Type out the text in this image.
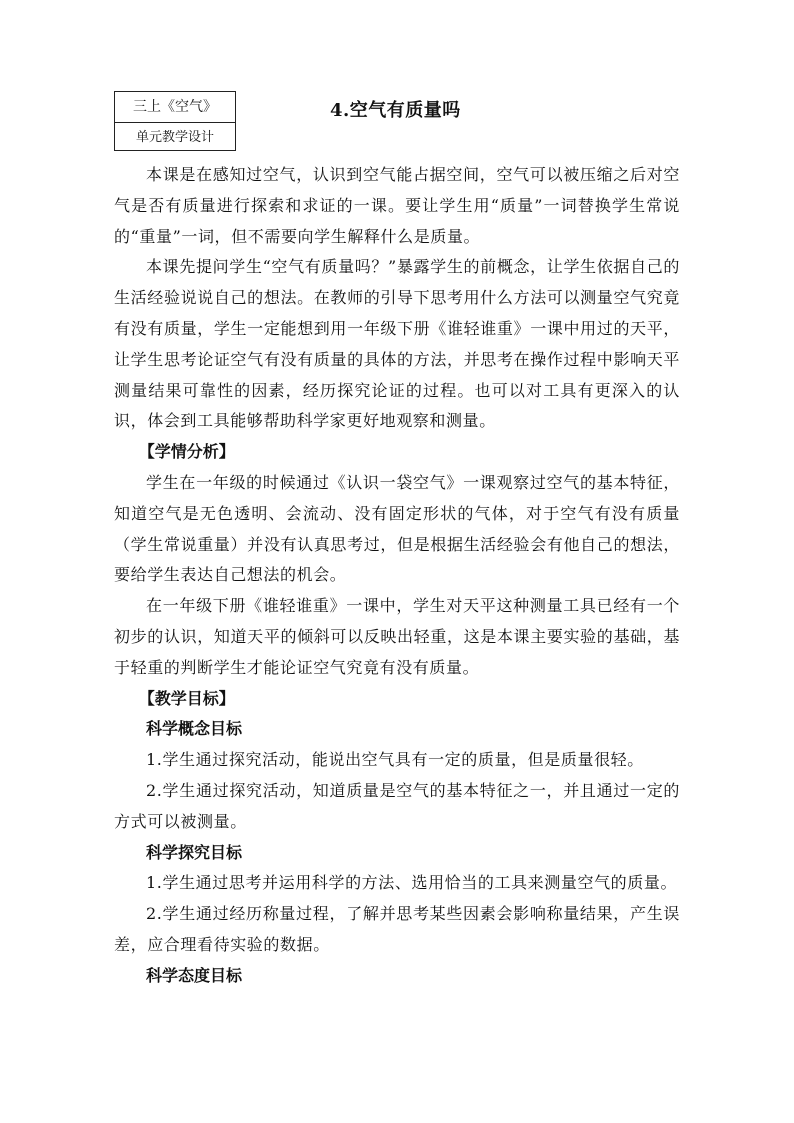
三上《空气》
单元教学设计
4.空气有质量吗

本课是在感知过空气，认识到空气能占据空间，空气可以被压缩之后对空气是否有质量进行探索和求证的一课。要让学生用“质量”一词替换学生常说的“重量”一词，但不需要向学生解释什么是质量。

本课先提问学生“空气有质量吗？”暴露学生的前概念，让学生依据自己的生活经验说说自己的想法。在教师的引导下思考用什么方法可以测量空气究竟有没有质量，学生一定能想到用一年级下册《谁轻谁重》一课中用过的天平，让学生思考论证空气有没有质量的具体的方法，并思考在操作过程中影响天平测量结果可靠性的因素，经历探究论证的过程。也可以对工具有更深入的认识，体会到工具能够帮助科学家更好地观察和测量。

【学情分析】

学生在一年级的时候通过《认识一袋空气》一课观察过空气的基本特征，知道空气是无色透明、会流动、没有固定形状的气体，对于空气有没有质量（学生常说重量）并没有认真思考过，但是根据生活经验会有他自己的想法，要给学生表达自己想法的机会。

在一年级下册《谁轻谁重》一课中，学生对天平这种测量工具已经有一个初步的认识，知道天平的倾斜可以反映出轻重，这是本课主要实验的基础，基于轻重的判断学生才能论证空气究竟有没有质量。

【教学目标】

科学概念目标

1.学生通过探究活动，能说出空气具有一定的质量，但是质量很轻。

2.学生通过探究活动，知道质量是空气的基本特征之一，并且通过一定的方式可以被测量。

科学探究目标

1.学生通过思考并运用科学的方法、选用恰当的工具来测量空气的质量。

2.学生通过经历称量过程，了解并思考某些因素会影响称量结果，产生误差，应合理看待实验的数据。

科学态度目标
